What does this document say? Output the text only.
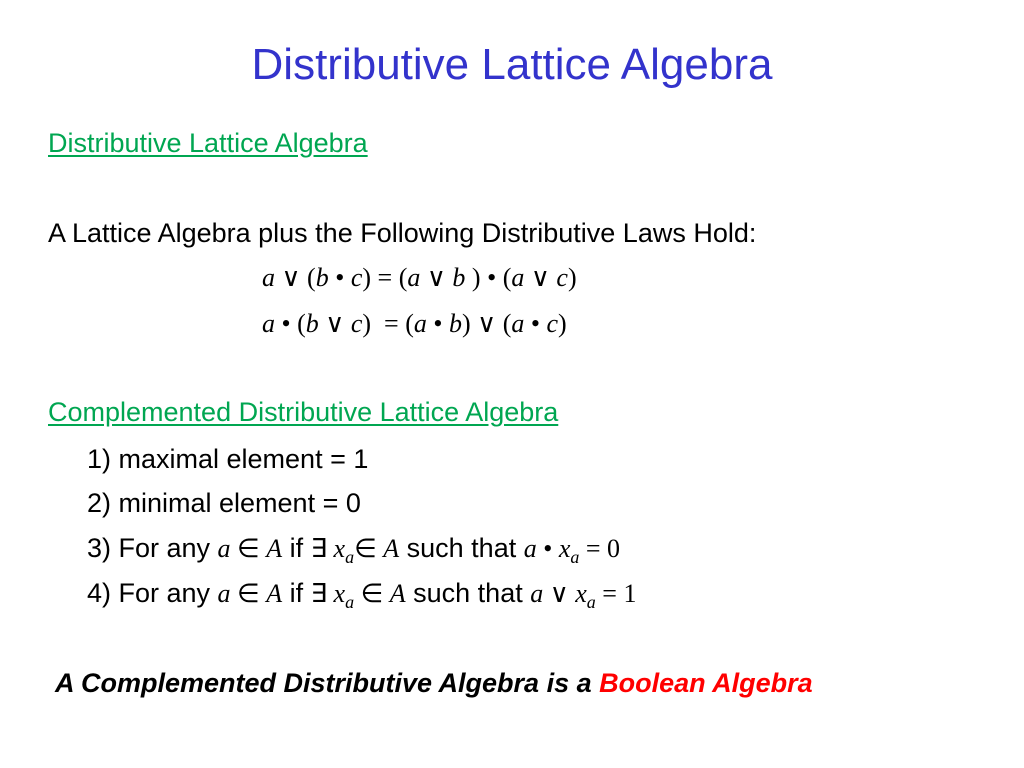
Distributive Lattice Algebra
Distributive Lattice Algebra
A Lattice Algebra plus the Following Distributive Laws Hold:
a ∨ (b • c) = (a ∨ b ) • (a ∨ c)
a • (b ∨ c) = (a • b) ∨ (a • c)
Complemented Distributive Lattice Algebra
1) maximal element = 1
2) minimal element = 0
3) For any a ∈ A if ∃ $x_a\in$ A such that a • $x_a = 0$
4) For any a ∈ A if ∃ $x_a$ ∈ A such that a ∨ $x_a = 1$
A Complemented Distributive Algebra is a Boolean Algebra
